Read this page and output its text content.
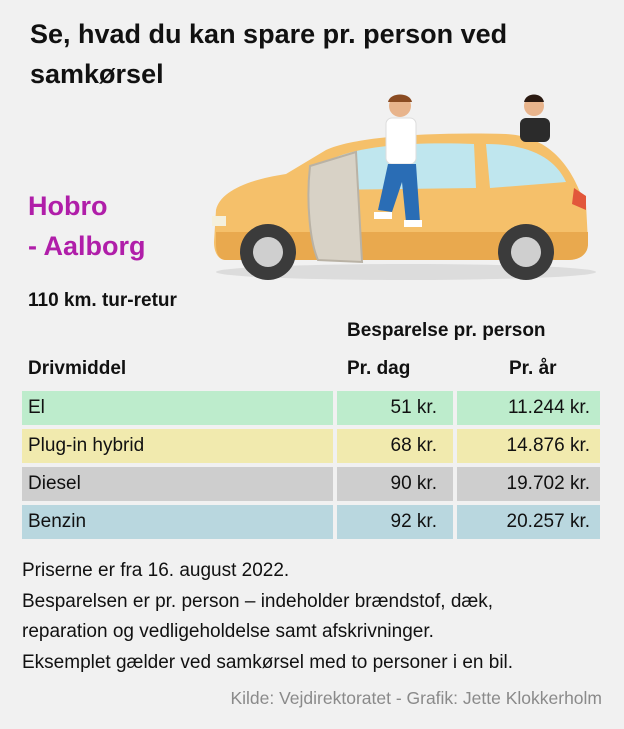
Se, hvad du kan spare pr. person ved samkørsel
Hobro
- Aalborg
110 km. tur-retur
Besparelse pr. person
Drivmiddel	Pr. dag	Pr. år
El	51 kr.	11.244 kr.
Plug-in hybrid	68 kr.	14.876 kr.
Diesel	90 kr.	19.702 kr.
Benzin	92 kr.	20.257 kr.
Priserne er fra 16. august 2022.
Besparelsen er pr. person – indeholder brændstof, dæk,
reparation og vedligeholdelse samt afskrivninger.
Eksemplet gælder ved samkørsel med to personer i en bil.
Kilde: Vejdirektoratet - Grafik: Jette Klokkerholm
